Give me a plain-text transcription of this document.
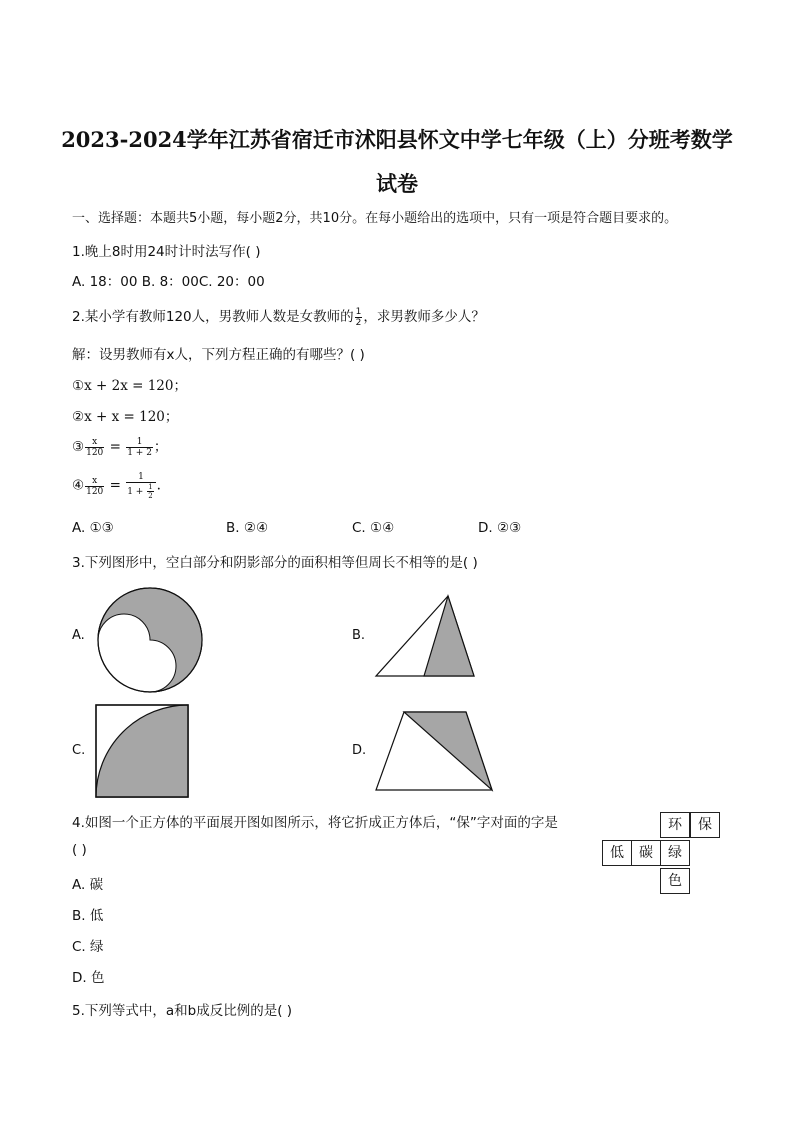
2023-2024学年江苏省宿迁市沭阳县怀文中学七年级（上）分班考数学
试卷
一、选择题：本题共5小题，每小题2分，共10分。在每小题给出的选项中，只有一项是符合题目要求的。
1.晚上8时用24时计时法写作( )
A. 18：00 B. 8：00C. 20：00
2.某小学有教师120人，男教师人数是女教师的 $\frac{1}{2}$ ，求男教师多少人？
解：设男教师有x人，下列方程正确的有哪些？( )
①x + 2x = 120；
②x + x = 120；
③ $\frac{x}{120} = \frac{1}{1 + 2}$ ；
④ $\frac{x}{120} = \frac{1}{1 + \frac{1}{2}}$ .
A. ①③	B. ②④	C. ①④	D. ②③
3.下列图形中，空白部分和阴影部分的面积相等但周长不相等的是( )
A.	B.
C.	D.
4.如图一个正方体的平面展开图如图所示，将它折成正方体后，“保”字对面的字是
( )
A. 碳
B. 低
C. 绿
D. 色
环	保
低	碳	绿
色
5.下列等式中，a和b成反比例的是( )
